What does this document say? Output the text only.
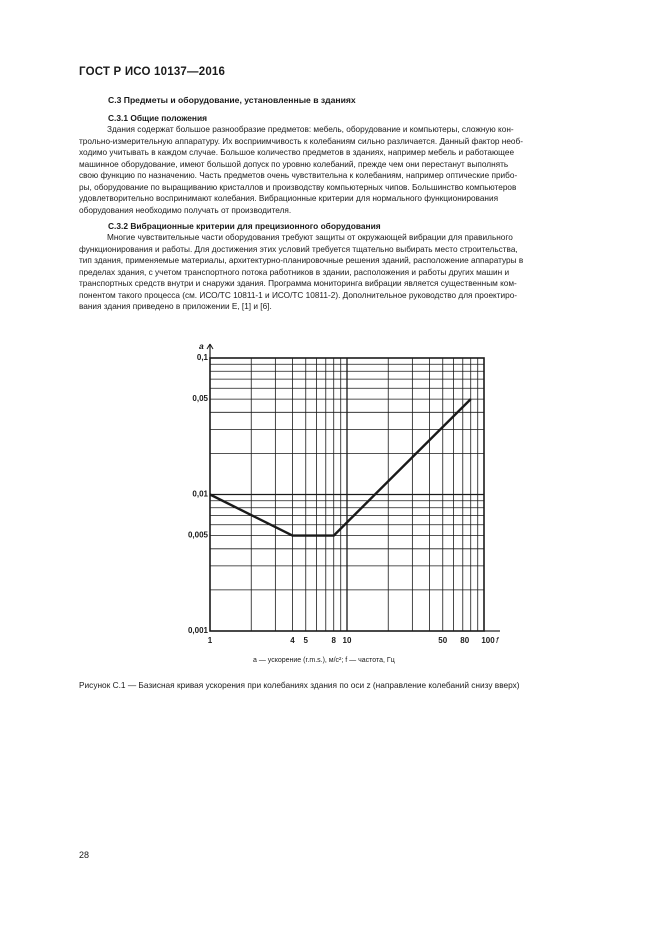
ГОСТ Р ИСО 10137—2016
С.3 Предметы и оборудование, установленные в зданиях
С.3.1 Общие положения

Здания содержат большое разнообразие предметов: мебель, оборудование и компьютеры, сложную кон-

трольно-измерительную аппаратуру. Их восприимчивость к колебаниям сильно различается. Данный фактор необ-

ходимо учитывать в каждом случае. Большое количество предметов в зданиях, например мебель и работающее

машинное оборудование, имеют большой допуск по уровню колебаний, прежде чем они перестанут выполнять

свою функцию по назначению. Часть предметов очень чувствительна к колебаниям, например оптические прибо-

ры, оборудование по выращиванию кристаллов и производству компьютерных чипов. Большинство компьютеров

удовлетворительно воспринимают колебания. Вибрационные критерии для нормального функционирования

оборудования необходимо получать от производителя.

С.3.2 Вибрационные критерии для прецизионного оборудования

Многие чувствительные части оборудования требуют защиты от окружающей вибрации для правильного

функционирования и работы. Для достижения этих условий требуется тщательно выбирать место строительства,

тип здания, применяемые материалы, архитектурно-планировочные решения зданий, расположение аппаратуры в

пределах здания, с учетом транспортного потока работников в здании, расположения и работы других машин и

транспортных средств внутри и снаружи здания. Программа мониторинга вибрации является существенным ком-

понентом такого процесса (см. ИСО/ТС 10811-1 и ИСО/ТС 10811-2). Дополнительное руководство для проектиро-

вания здания приведено в приложении Е, [1] и [6].

a
f
1	4 5	8 10	50 80 100
0,1
0,05
0,01
0,005
0,001
a — ускорение (r.m.s.), м/с²; f — частота, Гц
Рисунок С.1 — Базисная кривая ускорения при колебаниях здания по оси z (направление колебаний снизу вверх)
28
